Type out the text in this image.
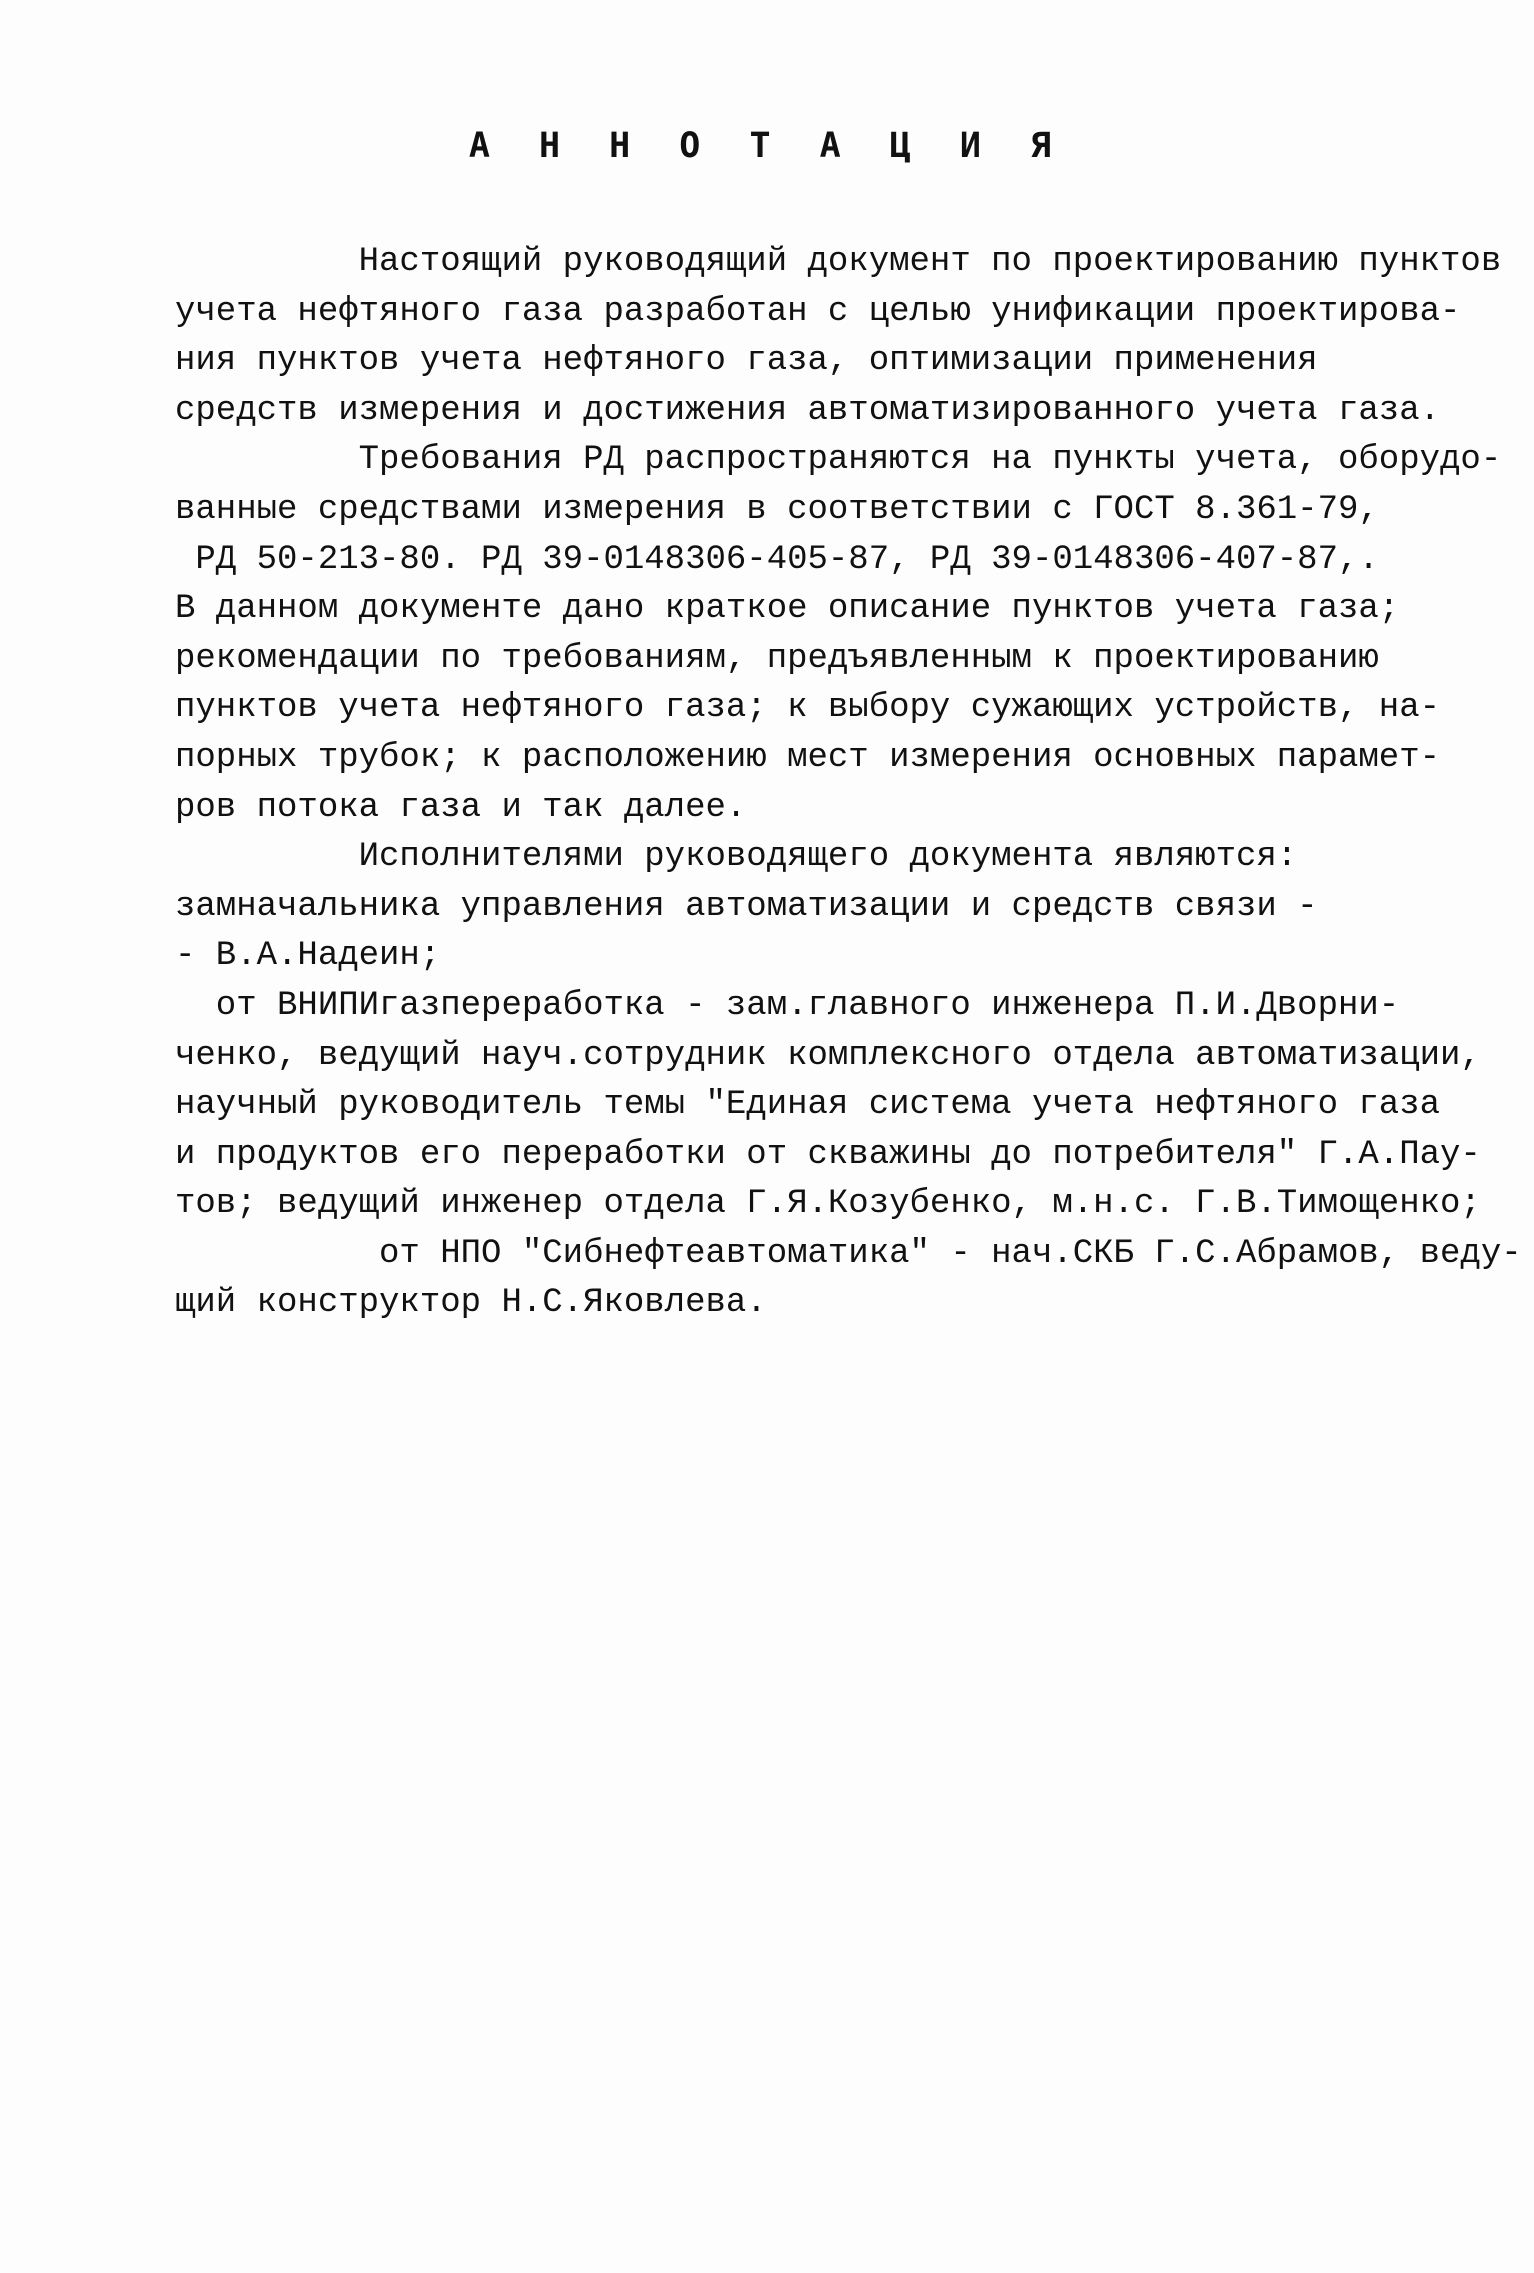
А Н Н О Т А Ц И Я
Настоящий руководящий документ по проектированию пунктов
учета нефтяного газа разработан с целью унификации проектирова-
ния пунктов учета нефтяного газа, оптимизации применения
средств измерения и достижения автоматизированного учета газа.
Требования РД распространяются на пункты учета, оборудо-
ванные средствами измерения в соответствии с ГОСТ 8.361-79,
РД 50-213-80. РД 39-0148306-405-87, РД 39-0148306-407-87,.
В данном документе дано краткое описание пунктов учета газа;
рекомендации по требованиям, предъявленным к проектированию
пунктов учета нефтяного газа; к выбору сужающих устройств, на-
порных трубок; к расположению мест измерения основных парамет-
ров потока газа и так далее.
Исполнителями руководящего документа являются:
замначальника управления автоматизации и средств связи -
- В.А.Надеин;
от ВНИПИгазпереработка - зам.главного инженера П.И.Дворни-
ченко, ведущий науч.сотрудник комплексного отдела автоматизации,
научный руководитель темы "Единая система учета нефтяного газа
и продуктов его переработки от скважины до потребителя" Г.А.Пау-
тов; ведущий инженер отдела Г.Я.Козубенко, м.н.с. Г.В.Тимощенко;
от НПО "Сибнефтеавтоматика" - нач.СКБ Г.С.Абрамов, веду-
щий конструктор Н.С.Яковлева.
